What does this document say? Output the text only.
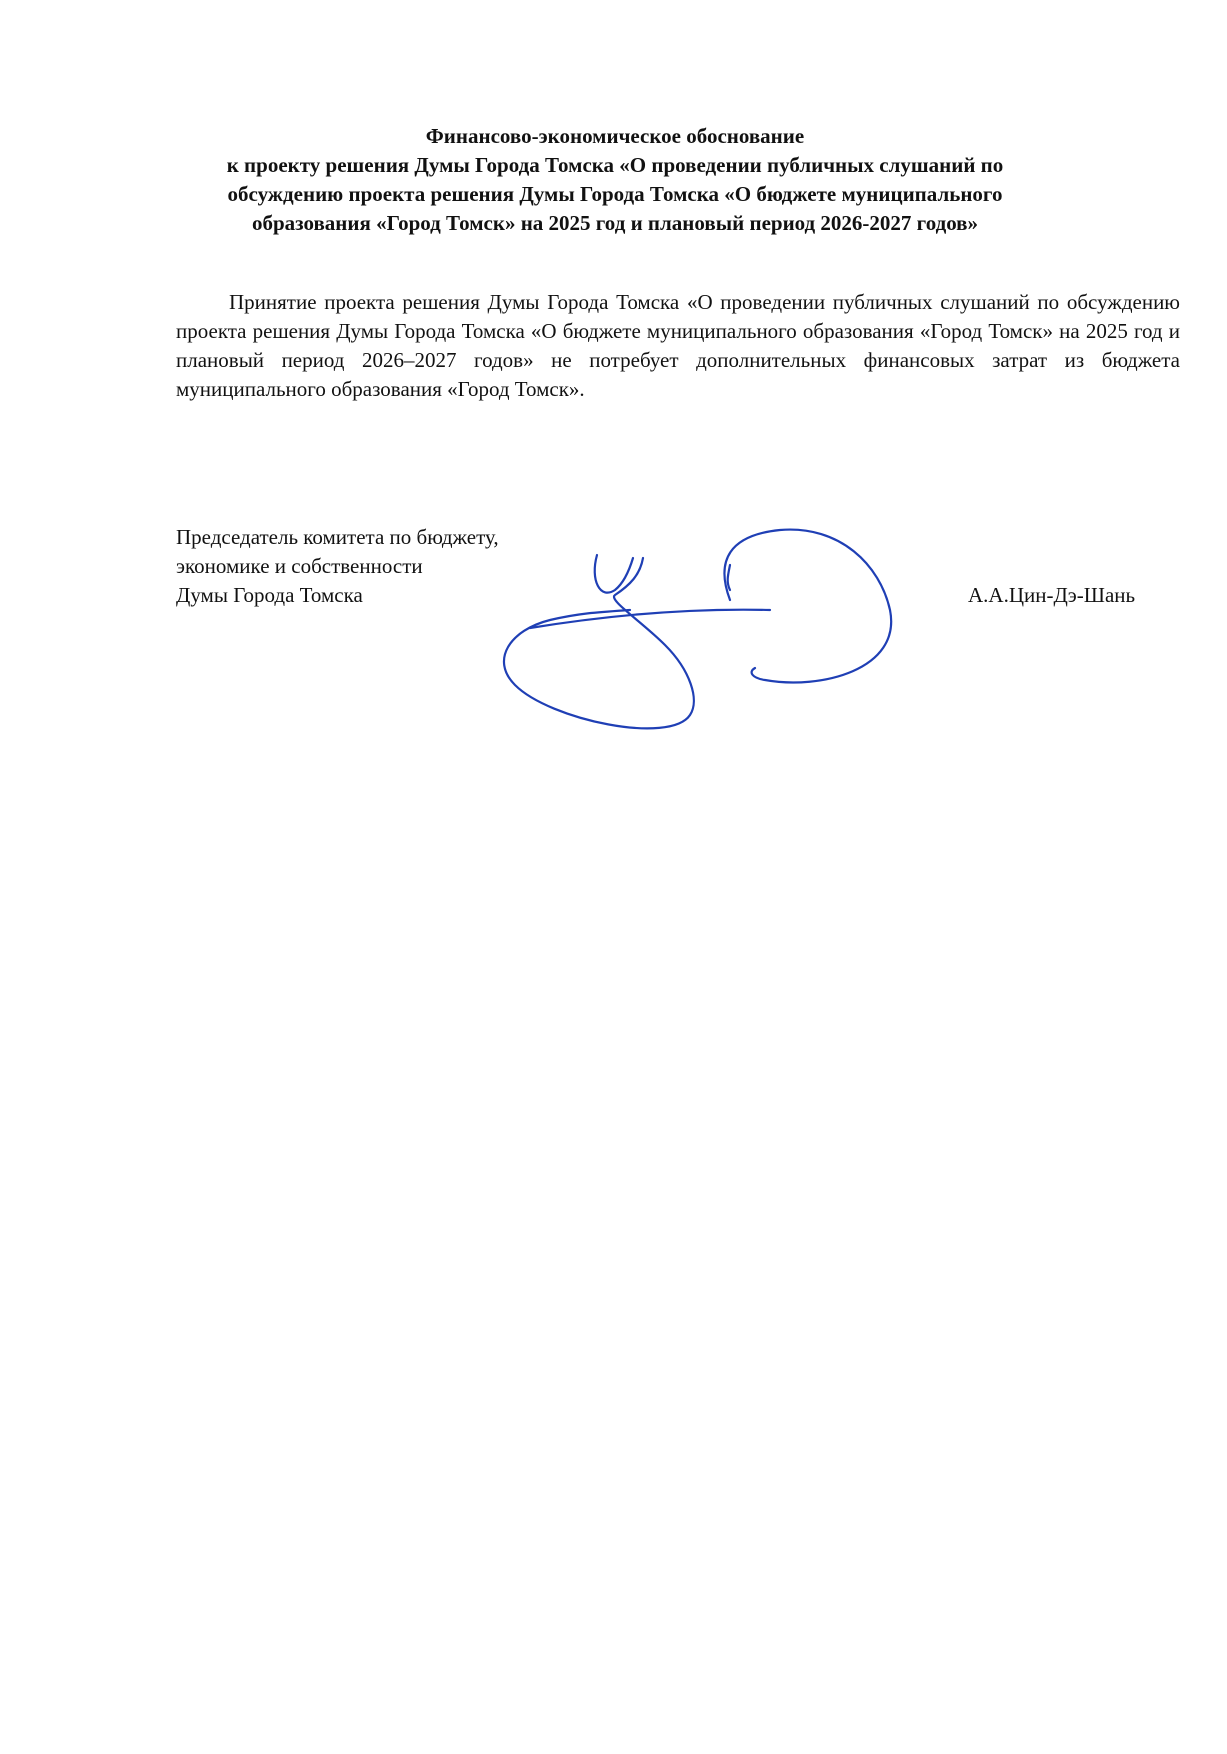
Финансово-экономическое обоснование
к проекту решения Думы Города Томска «О проведении публичных слушаний по
обсуждению проекта решения Думы Города Томска «О бюджете муниципального
образования «Город Томск» на 2025 год и плановый период 2026-2027 годов»

Принятие проекта решения Думы Города Томска «О проведении публичных слушаний по обсуждению проекта решения Думы Города Томска «О бюджете муниципального образования «Город Томск» на 2025 год и плановый период 2026–2027 годов» не потребует дополнительных финансовых затрат из бюджета муниципального образования «Город Томск».

Председатель комитета по бюджету,
экономике и собственности
Думы Города Томска	А.А.Цин-Дэ-Шань
